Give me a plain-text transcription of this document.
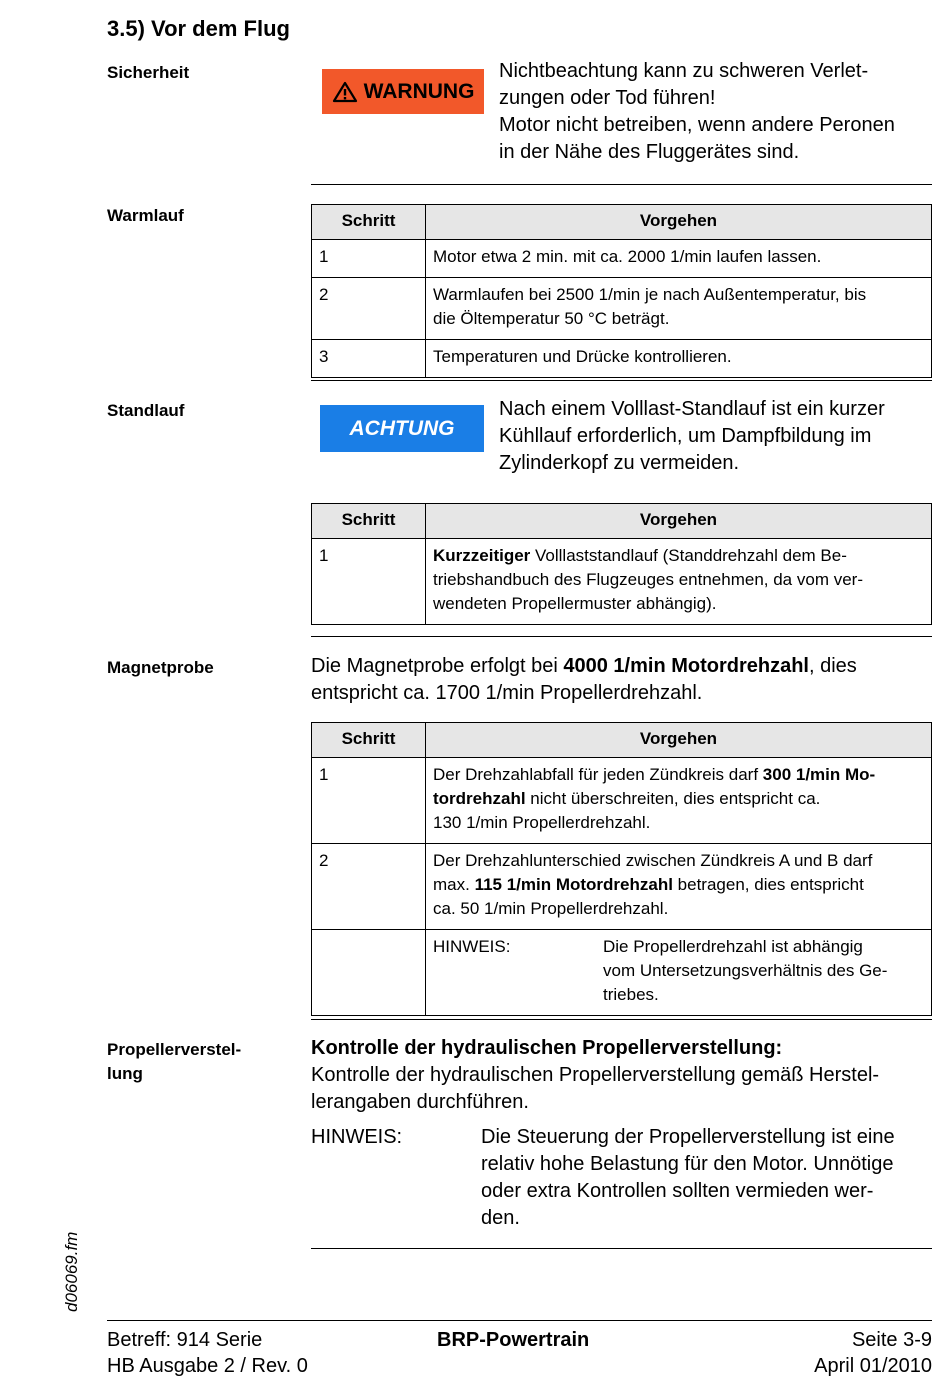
3.5) Vor dem Flug
Sicherheit
WARNUNG
Nichtbeachtung kann zu schweren Verlet-
zungen oder Tod führen!
Motor nicht betreiben, wenn andere Peronen
in der Nähe des Fluggerätes sind.
Warmlauf	Schritt	Vorgehen
1	Motor etwa 2 min. mit ca. 2000 1/min laufen lassen.

2	Warmlaufen bei 2500 1/min je nach Außentemperatur, bis
die Öltemperatur 50 °C beträgt.

3	Temperaturen und Drücke kontrollieren.
Standlauf
ACHTUNG
Nach einem Volllast-Standlauf ist ein kurzer
Kühllauf erforderlich, um Dampfbildung im
Zylinderkopf zu vermeiden.
Schritt	Vorgehen
1	Kurzzeitiger Volllaststandlauf (Standdrehzahl dem Be-
triebshandbuch des Flugzeuges entnehmen, da vom ver-
wendeten Propellermuster abhängig).
Magnetprobe	Die Magnetprobe erfolgt bei 4000 1/min Motordrehzahl, dies
entspricht ca. 1700 1/min Propellerdrehzahl.
Schritt	Vorgehen
1	Der Drehzahlabfall für jeden Zündkreis darf 300 1/min Mo-
tordrehzahl nicht überschreiten, dies entspricht ca.
130 1/min Propellerdrehzahl.

2	Der Drehzahlunterschied zwischen Zündkreis A und B darf
max. 115 1/min Motordrehzahl betragen, dies entspricht
ca. 50 1/min Propellerdrehzahl.

	HINWEIS: Die Propellerdrehzahl ist abhängig
vom Untersetzungsverhältnis des Ge-
triebes.
Propellerverstel-
lung
Kontrolle der hydraulischen Propellerverstellung:
Kontrolle der hydraulischen Propellerverstellung gemäß Herstel-
lerangaben durchführen.
HINWEIS:	Die Steuerung der Propellerverstellung ist eine
relativ hohe Belastung für den Motor. Unnötige
oder extra Kontrollen sollten vermieden wer-
den.
d06069.fm
Betreff: 914 Serie
HB Ausgabe 2 / Rev. 0
BRP-Powertrain	Seite 3-9
April 01/2010
